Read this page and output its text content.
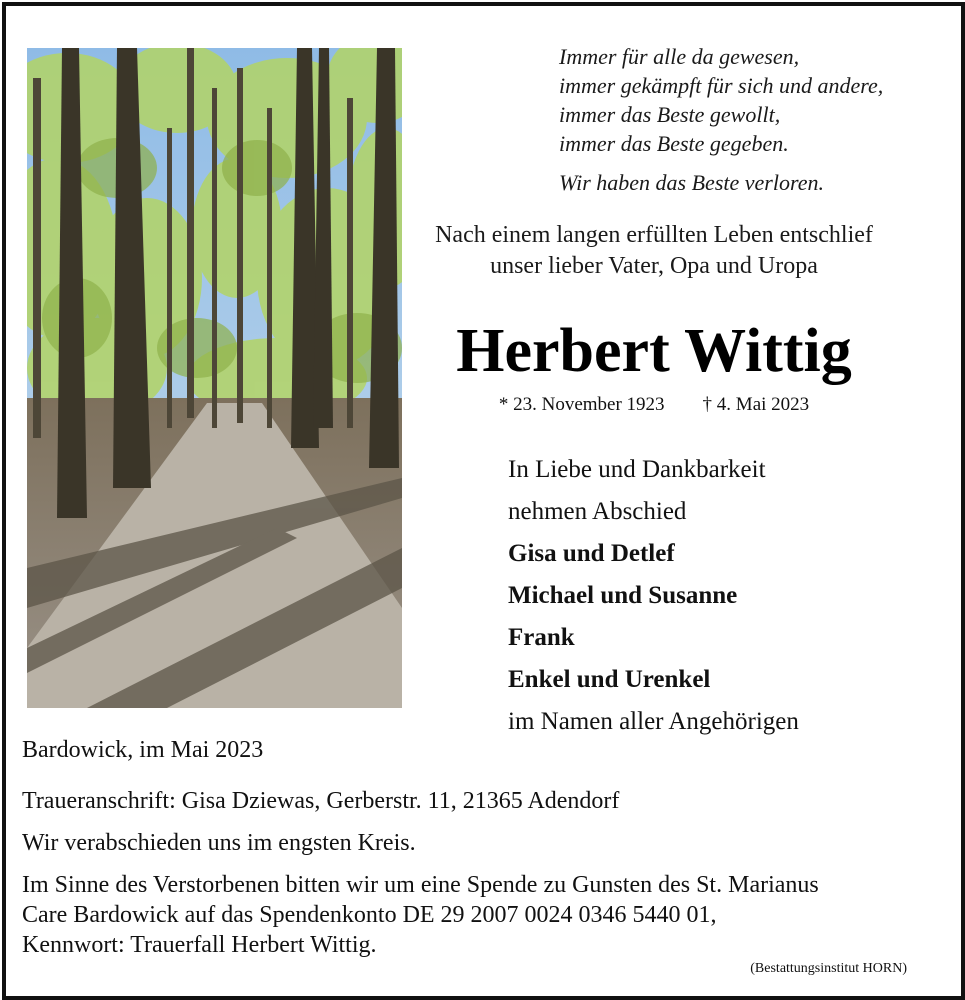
Immer für alle da gewesen,
immer gekämpft für sich und andere,
immer das Beste gewollt,
immer das Beste gegeben.
Wir haben das Beste verloren.
Nach einem langen erfüllten Leben entschlief
unser lieber Vater, Opa und Uropa
Herbert Wittig
* 23. November 1923 † 4. Mai 2023
In Liebe und Dankbarkeit
nehmen Abschied
Gisa und Detlef
Michael und Susanne
Frank
Enkel und Urenkel
im Namen aller Angehörigen
Bardowick, im Mai 2023
Traueranschrift: Gisa Dziewas, Gerberstr. 11, 21365 Adendorf
Wir verabschieden uns im engsten Kreis.
Im Sinne des Verstorbenen bitten wir um eine Spende zu Gunsten des St. Marianus
Care Bardowick auf das Spendenkonto DE 29 2007 0024 0346 5440 01,
Kennwort: Trauerfall Herbert Wittig.
(Bestattungsinstitut HORN)
